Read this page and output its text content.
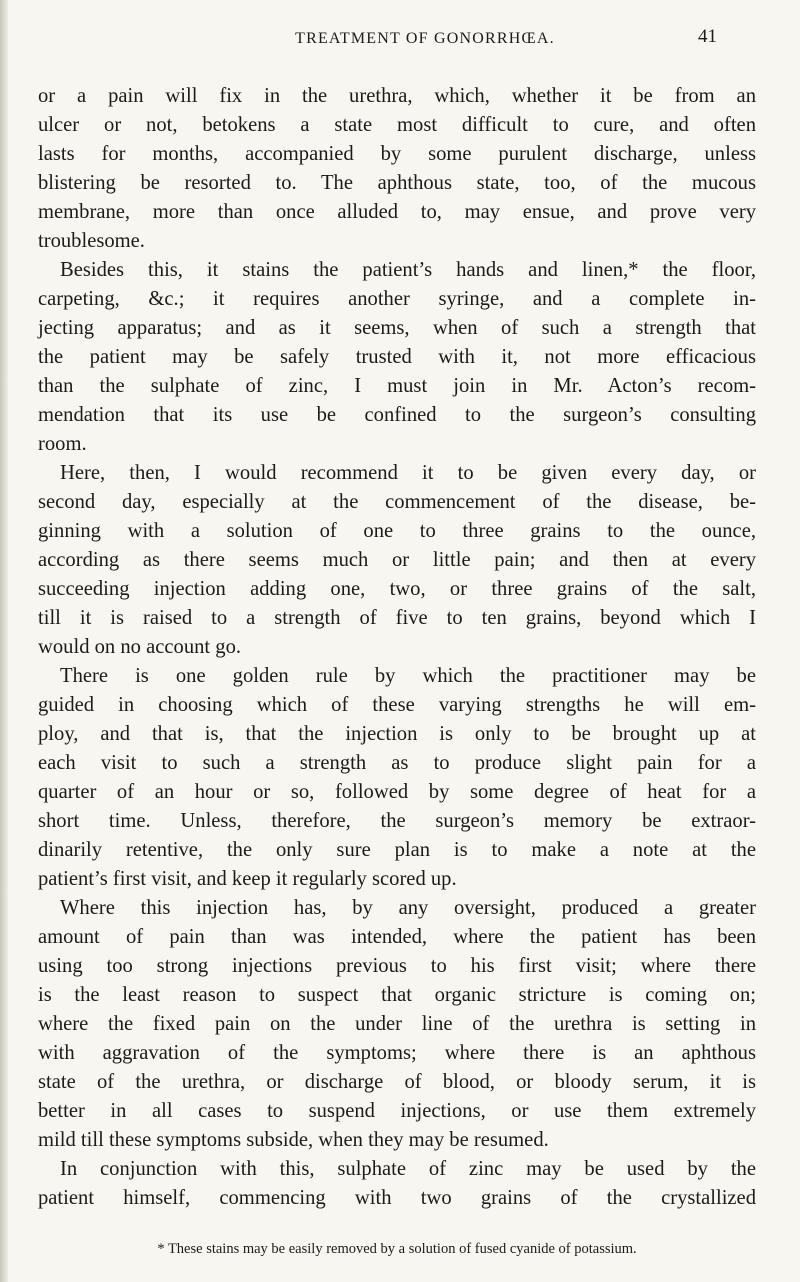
TREATMENT OF GONORRHŒA.	41
or a pain will fix in the urethra, which, whether it be from an
ulcer or not, betokens a state most difficult to cure, and often
lasts for months, accompanied by some purulent discharge, unless
blistering be resorted to. The aphthous state, too, of the mucous
membrane, more than once alluded to, may ensue, and prove very
troublesome.
Besides this, it stains the patient’s hands and linen,* the floor,
carpeting, &c.; it requires another syringe, and a complete in-
jecting apparatus; and as it seems, when of such a strength that
the patient may be safely trusted with it, not more efficacious
than the sulphate of zinc, I must join in Mr. Acton’s recom-
mendation that its use be confined to the surgeon’s consulting
room.
Here, then, I would recommend it to be given every day, or
second day, especially at the commencement of the disease, be-
ginning with a solution of one to three grains to the ounce,
according as there seems much or little pain; and then at every
succeeding injection adding one, two, or three grains of the salt,
till it is raised to a strength of five to ten grains, beyond which I
would on no account go.
There is one golden rule by which the practitioner may be
guided in choosing which of these varying strengths he will em-
ploy, and that is, that the injection is only to be brought up at
each visit to such a strength as to produce slight pain for a
quarter of an hour or so, followed by some degree of heat for a
short time. Unless, therefore, the surgeon’s memory be extraor-
dinarily retentive, the only sure plan is to make a note at the
patient’s first visit, and keep it regularly scored up.
Where this injection has, by any oversight, produced a greater
amount of pain than was intended, where the patient has been
using too strong injections previous to his first visit; where there
is the least reason to suspect that organic stricture is coming on;
where the fixed pain on the under line of the urethra is setting in
with aggravation of the symptoms; where there is an aphthous
state of the urethra, or discharge of blood, or bloody serum, it is
better in all cases to suspend injections, or use them extremely
mild till these symptoms subside, when they may be resumed.
In conjunction with this, sulphate of zinc may be used by the
patient himself, commencing with two grains of the crystallized
* These stains may be easily removed by a solution of fused cyanide of potassium.
